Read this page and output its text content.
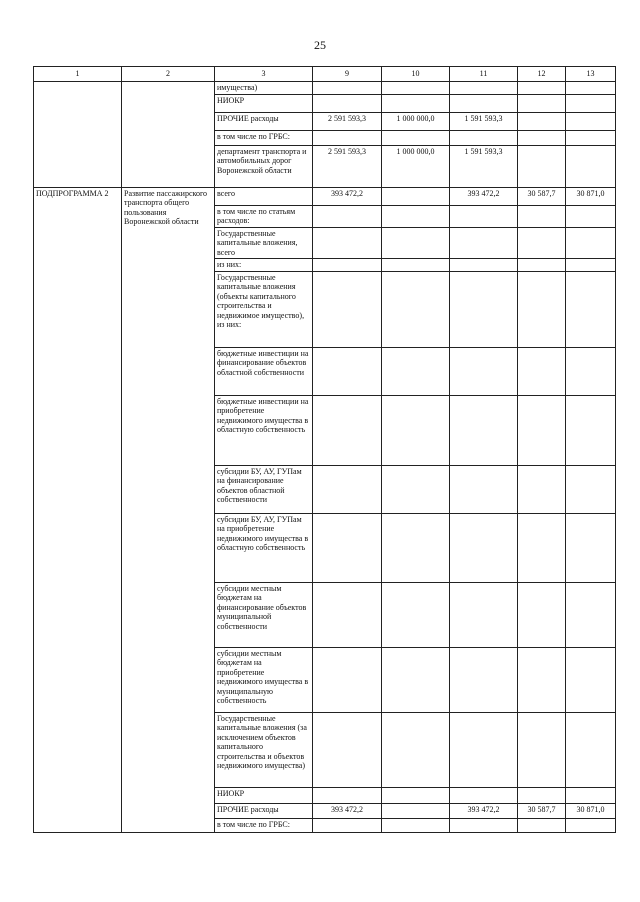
25
1	2	3	9	10	11	12	13
		имущества)					
		НИОКР					
		ПРОЧИЕ расходы	2 591 593,3	1 000 000,0	1 591 593,3		
		в том числе по ГРБС:					
		департамент транспорта и автомобильных дорог Воронежской области	2 591 593,3	1 000 000,0	1 591 593,3		
ПОДПРОГРАММА 2	Развитие пассажирского транспорта общего пользования Воронежской области	всего	393 472,2		393 472,2	30 587,7	30 871,0
		в том числе по статьям расходов:					
		Государственные капитальные вложения, всего					
		из них:					
		Государственные капитальные вложения (объекты капитального строительства и недвижимое имущество), из них:					
		бюджетные инвестиции на финансирование объектов областной собственности					
		бюджетные инвестиции на приобретение недвижимого имущества в областную собственность					
		субсидии БУ, АУ, ГУПам на финансирование объектов областной собственности					
		субсидии БУ, АУ, ГУПам на приобретение недвижимого имущества в областную собственность					
		субсидии местным бюджетам на финансирование объектов муниципальной собственности					
		субсидии местным бюджетам на приобретение недвижимого имущества в муниципальную собственность					
		Государственные капитальные вложения (за исключением объектов капитального строительства и объектов недвижимого имущества)					
		НИОКР					
		ПРОЧИЕ расходы	393 472,2		393 472,2	30 587,7	30 871,0
		в том числе по ГРБС:					
